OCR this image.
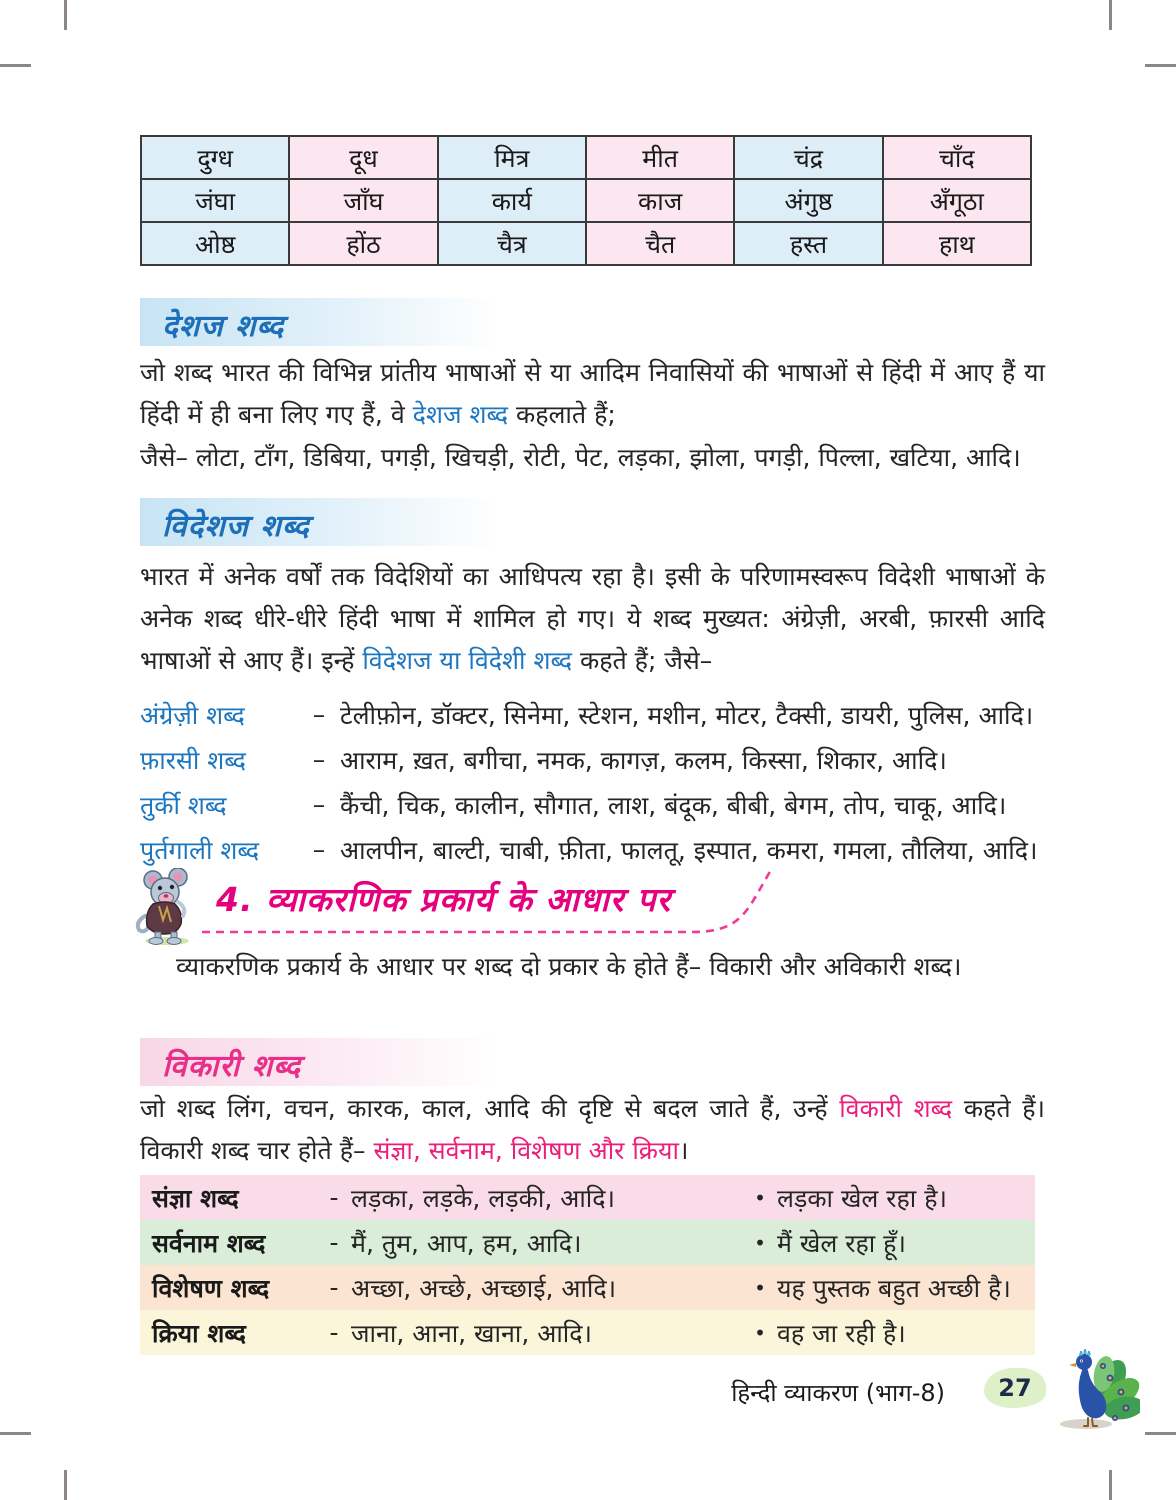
दुग्ध	दूध	मित्र	मीत	चंद्र	चाँद
जंघा	जाँघ	कार्य	काज	अंगुष्ठ	अँगूठा
ओष्ठ	होंठ	चैत्र	चैत	हस्त	हाथ
देशज शब्द
जो शब्द भारत की विभिन्न प्रांतीय भाषाओं से या आदिम निवासियों की भाषाओं से हिंदी में आए हैं या हिंदी में ही बना लिए गए हैं, वे देशज शब्द कहलाते हैं;
जैसे– लोटा, टाँग, डिबिया, पगड़ी, खिचड़ी, रोटी, पेट, लड़का, झोला, पगड़ी, पिल्ला, खटिया, आदि।
विदेशज शब्द
भारत में अनेक वर्षों तक विदेशियों का आधिपत्य रहा है। इसी के परिणामस्वरूप विदेशी भाषाओं के अनेक शब्द धीरे-धीरे हिंदी भाषा में शामिल हो गए। ये शब्द मुख्यत: अंग्रेज़ी, अरबी, फ़ारसी आदि भाषाओं से आए हैं। इन्हें विदेशज या विदेशी शब्द कहते हैं; जैसे–
अंग्रेज़ी शब्द	– टेलीफ़ोन, डॉक्टर, सिनेमा, स्टेशन, मशीन, मोटर, टैक्सी, डायरी, पुलिस, आदि।
फ़ारसी शब्द	– आराम, ख़त, बगीचा, नमक, कागज़, कलम, किस्सा, शिकार, आदि।
तुर्की शब्द	– कैंची, चिक, कालीन, सौगात, लाश, बंदूक, बीबी, बेगम, तोप, चाकू, आदि।
पुर्तगाली शब्द	– आलपीन, बाल्टी, चाबी, फ़ीता, फालतू, इस्पात, कमरा, गमला, तौलिया, आदि।
4. व्याकरणिक प्रकार्य के आधार पर
व्याकरणिक प्रकार्य के आधार पर शब्द दो प्रकार के होते हैं– विकारी और अविकारी शब्द।
विकारी शब्द
जो शब्द लिंग, वचन, कारक, काल, आदि की दृष्टि से बदल जाते हैं, उन्हें विकारी शब्द कहते हैं। विकारी शब्द चार होते हैं– संज्ञा, सर्वनाम, विशेषण और क्रिया।
संज्ञा शब्द	- लड़का, लड़के, लड़की, आदि।	• लड़का खेल रहा है।
सर्वनाम शब्द	- मैं, तुम, आप, हम, आदि।	• मैं खेल रहा हूँ।
विशेषण शब्द	- अच्छा, अच्छे, अच्छाई, आदि।	• यह पुस्तक बहुत अच्छी है।
क्रिया शब्द	- जाना, आना, खाना, आदि।	• वह जा रही है।
हिन्दी व्याकरण (भाग-8)	27
